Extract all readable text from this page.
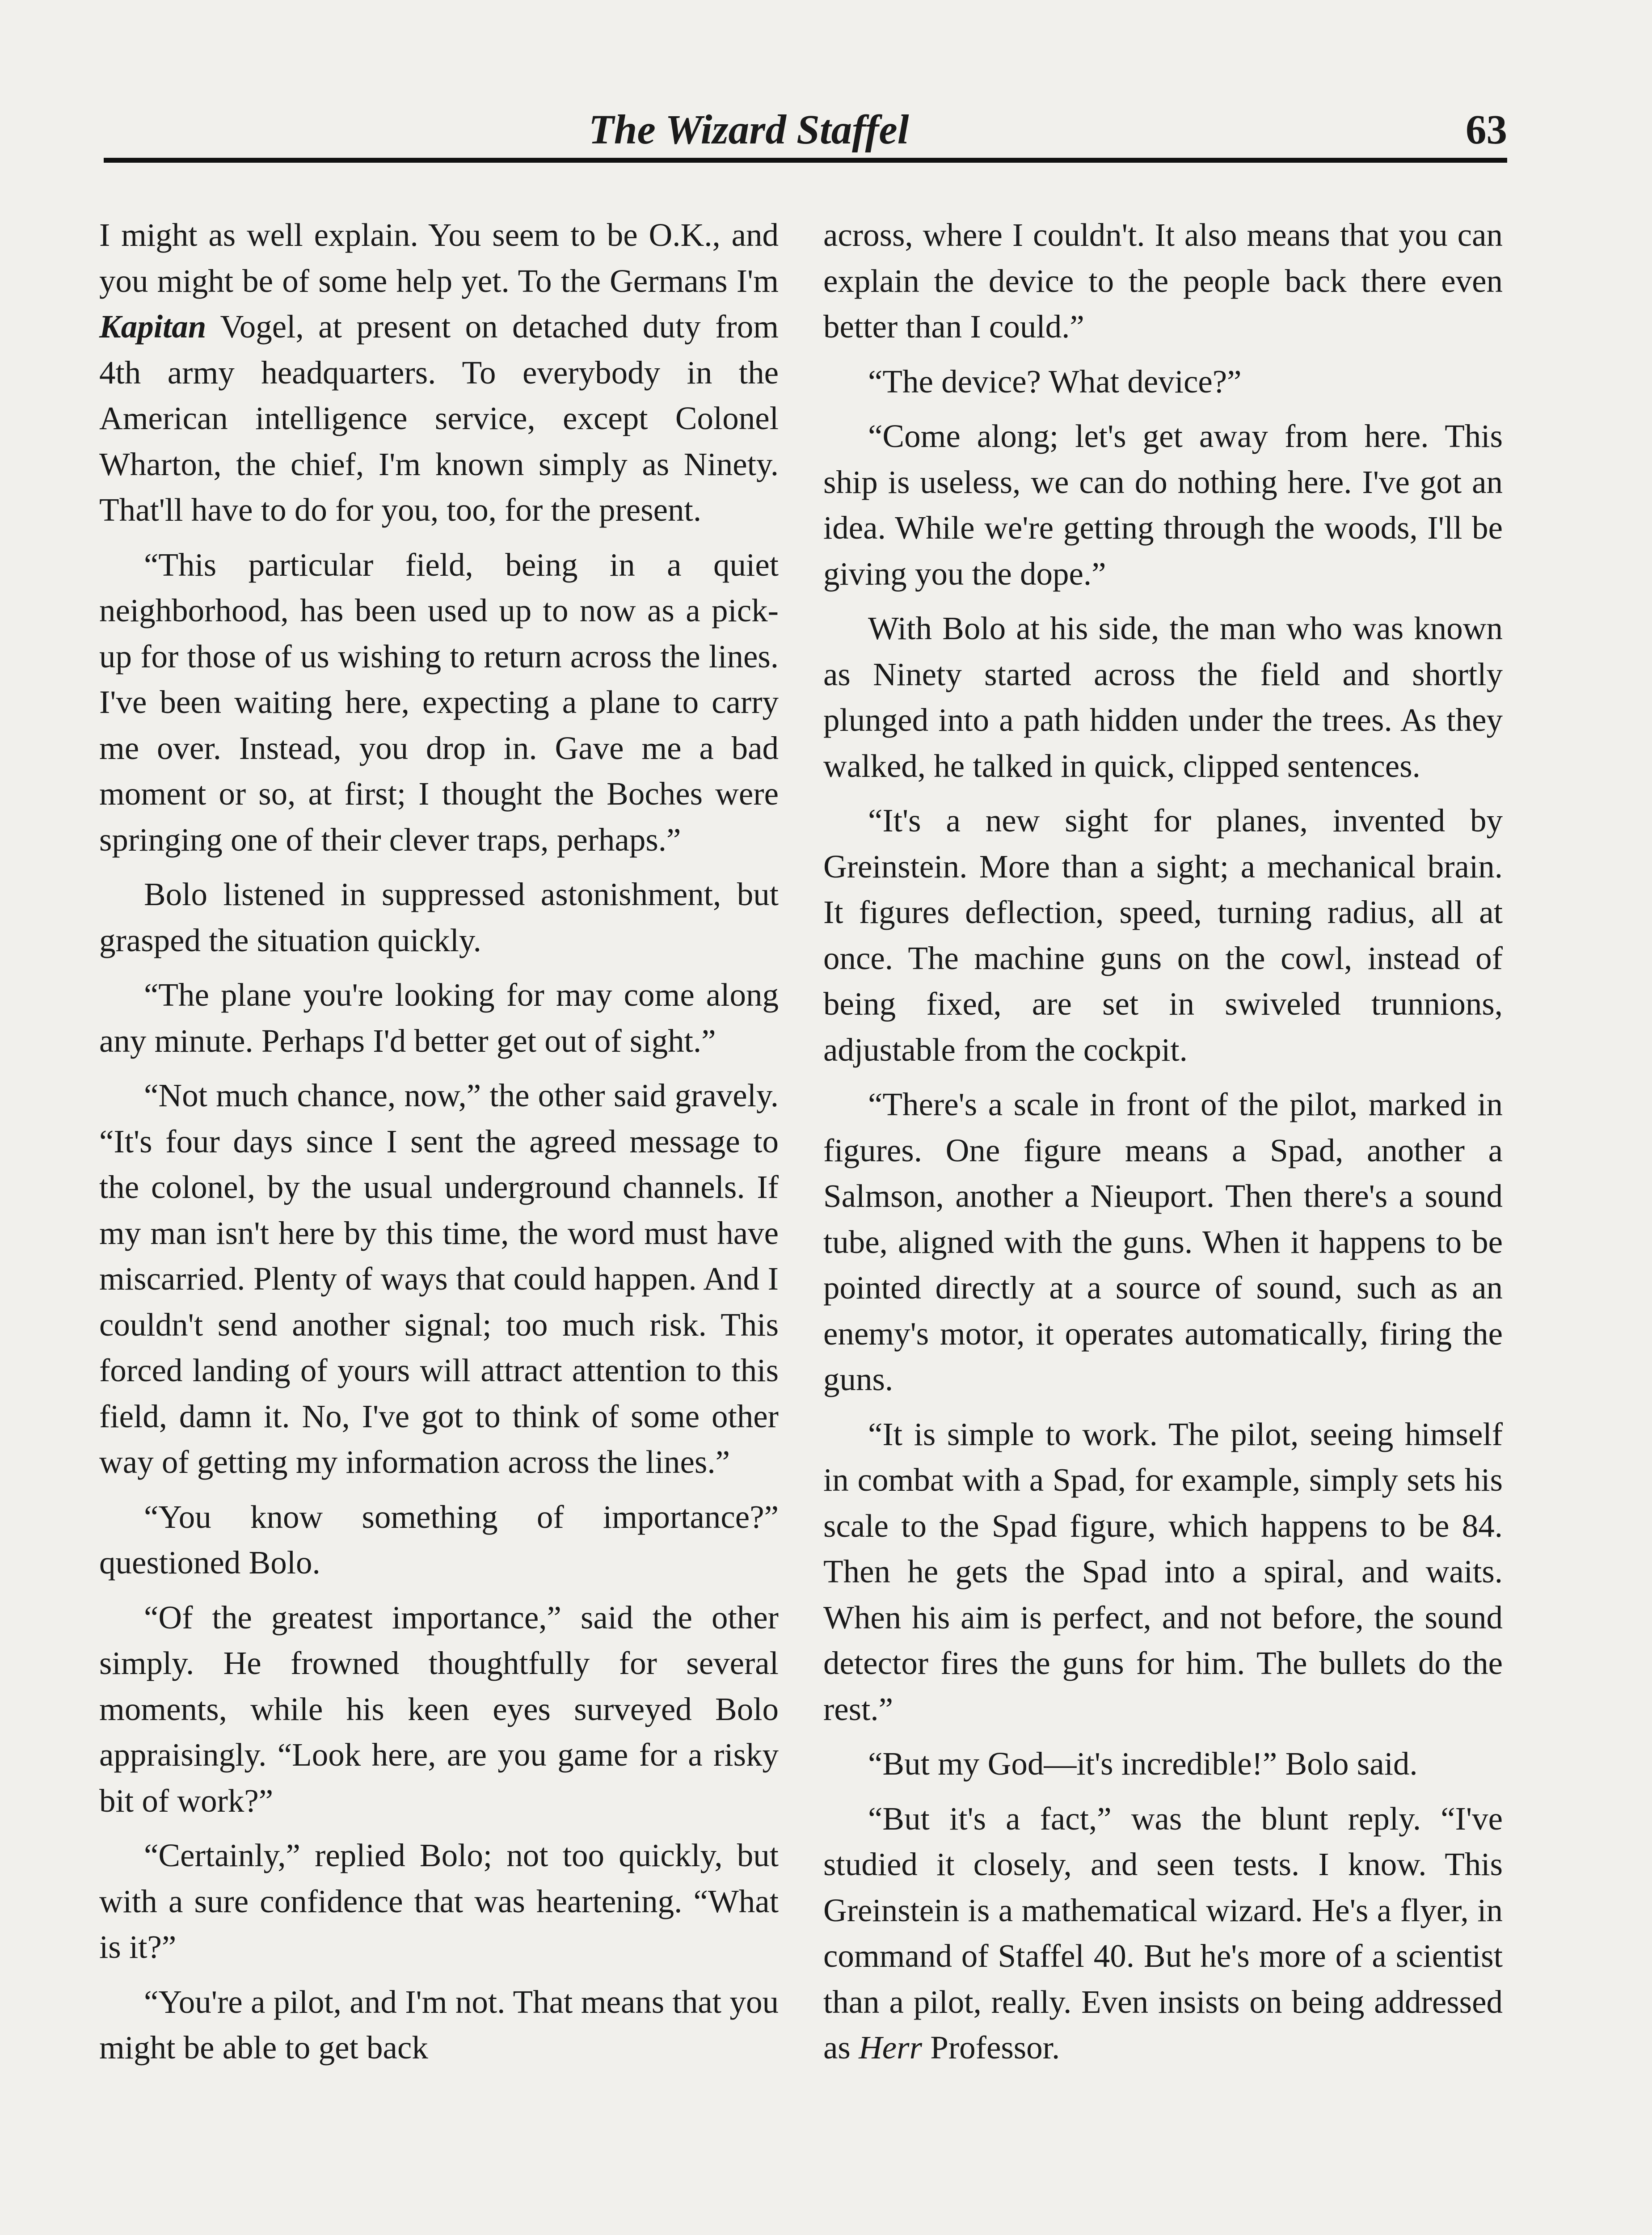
The Wizard Staffel	63

I might as well explain. You seem to be O.K., and you might be of some help yet. To the Germans I'm Kapitan Vogel, at present on detached duty from 4th army headquarters. To everybody in the American intelligence service, except Colonel Wharton, the chief, I'm known simply as Ninety. That'll have to do for you, too, for the present.

“This particular field, being in a quiet neighborhood, has been used up to now as a pick-up for those of us wishing to return across the lines. I've been waiting here, expecting a plane to carry me over. Instead, you drop in. Gave me a bad moment or so, at first; I thought the Boches were springing one of their clever traps, perhaps.”

Bolo listened in suppressed astonishment, but grasped the situation quickly.

“The plane you're looking for may come along any minute. Perhaps I'd better get out of sight.”

“Not much chance, now,” the other said gravely. “It's four days since I sent the agreed message to the colonel, by the usual underground channels. If my man isn't here by this time, the word must have miscarried. Plenty of ways that could happen. And I couldn't send another signal; too much risk. This forced landing of yours will attract attention to this field, damn it. No, I've got to think of some other way of getting my information across the lines.”

“You know something of importance?” questioned Bolo.

“Of the greatest importance,” said the other simply. He frowned thoughtfully for several moments, while his keen eyes surveyed Bolo appraisingly. “Look here, are you game for a risky bit of work?”

“Certainly,” replied Bolo; not too quickly, but with a sure confidence that was heartening. “What is it?”

“You're a pilot, and I'm not. That means that you might be able to get back

across, where I couldn't. It also means that you can explain the device to the people back there even better than I could.”

“The device? What device?”

“Come along; let's get away from here. This ship is useless, we can do nothing here. I've got an idea. While we're getting through the woods, I'll be giving you the dope.”

With Bolo at his side, the man who was known as Ninety started across the field and shortly plunged into a path hidden under the trees. As they walked, he talked in quick, clipped sentences.

“It's a new sight for planes, invented by Greinstein. More than a sight; a mechanical brain. It figures deflection, speed, turning radius, all at once. The machine guns on the cowl, instead of being fixed, are set in swiveled trunnions, adjustable from the cockpit.

“There's a scale in front of the pilot, marked in figures. One figure means a Spad, another a Salmson, another a Nieuport. Then there's a sound tube, aligned with the guns. When it happens to be pointed directly at a source of sound, such as an enemy's motor, it operates automatically, firing the guns.

“It is simple to work. The pilot, seeing himself in combat with a Spad, for example, simply sets his scale to the Spad figure, which happens to be 84. Then he gets the Spad into a spiral, and waits. When his aim is perfect, and not before, the sound detector fires the guns for him. The bullets do the rest.”

“But my God—it's incredible!” Bolo said.

“But it's a fact,” was the blunt reply. “I've studied it closely, and seen tests. I know. This Greinstein is a mathematical wizard. He's a flyer, in command of Staffel 40. But he's more of a scientist than a pilot, really. Even insists on being addressed as Herr Professor.
